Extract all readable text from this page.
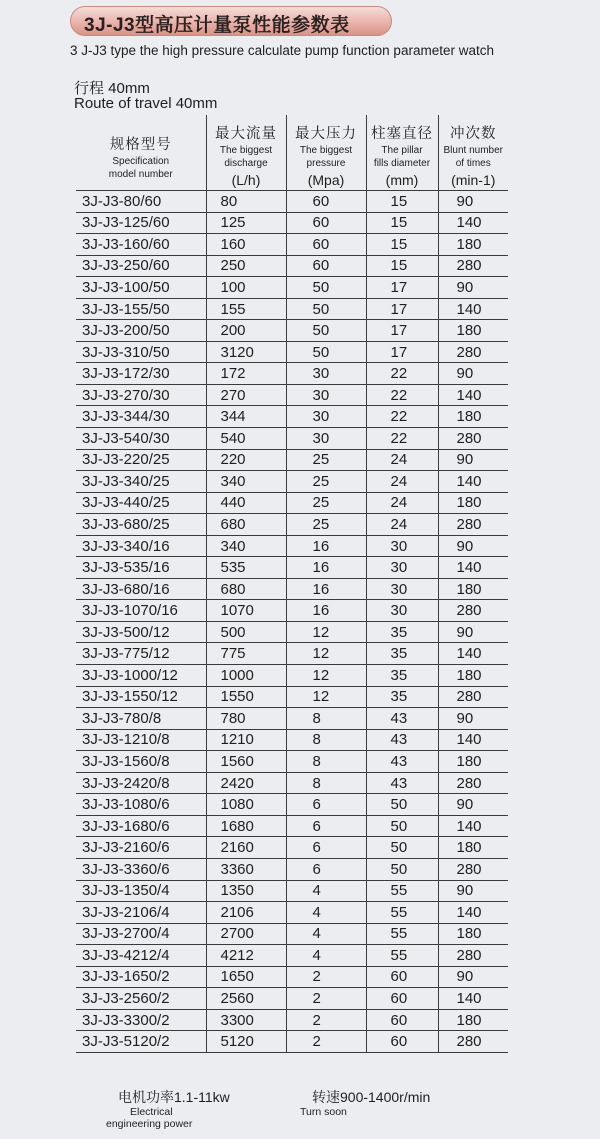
3J-J3型高压计量泵性能参数表
3 J-J3 type the high pressure calculate pump function parameter watch
行程 40mm
Route of travel 40mm
规格型号
Specification
model number	最大流量
The biggest
discharge
(L/h)	最大压力
The biggest
pressure
(Mpa)	柱塞直径
The pillar
fills diameter
(mm)	冲次数
Blunt number
of times
(min-1)

3J-J3-80/60	80	60	15	90
3J-J3-125/60	125	60	15	140
3J-J3-160/60	160	60	15	180
3J-J3-250/60	250	60	15	280
3J-J3-100/50	100	50	17	90
3J-J3-155/50	155	50	17	140
3J-J3-200/50	200	50	17	180
3J-J3-310/50	3120	50	17	280
3J-J3-172/30	172	30	22	90
3J-J3-270/30	270	30	22	140
3J-J3-344/30	344	30	22	180
3J-J3-540/30	540	30	22	280
3J-J3-220/25	220	25	24	90
3J-J3-340/25	340	25	24	140
3J-J3-440/25	440	25	24	180
3J-J3-680/25	680	25	24	280
3J-J3-340/16	340	16	30	90
3J-J3-535/16	535	16	30	140
3J-J3-680/16	680	16	30	180
3J-J3-1070/16	1070	16	30	280
3J-J3-500/12	500	12	35	90
3J-J3-775/12	775	12	35	140
3J-J3-1000/12	1000	12	35	180
3J-J3-1550/12	1550	12	35	280
3J-J3-780/8	780	8	43	90
3J-J3-1210/8	1210	8	43	140
3J-J3-1560/8	1560	8	43	180
3J-J3-2420/8	2420	8	43	280
3J-J3-1080/6	1080	6	50	90
3J-J3-1680/6	1680	6	50	140
3J-J3-2160/6	2160	6	50	180
3J-J3-3360/6	3360	6	50	280
3J-J3-1350/4	1350	4	55	90
3J-J3-2106/4	2106	4	55	140
3J-J3-2700/4	2700	4	55	180
3J-J3-4212/4	4212	4	55	280
3J-J3-1650/2	1650	2	60	90
3J-J3-2560/2	2560	2	60	140
3J-J3-3300/2	3300	2	60	180
3J-J3-5120/2	5120	2	60	280
电机功率1.1-11kw
Electrical
engineering power
转速900-1400r/min
Turn soon
